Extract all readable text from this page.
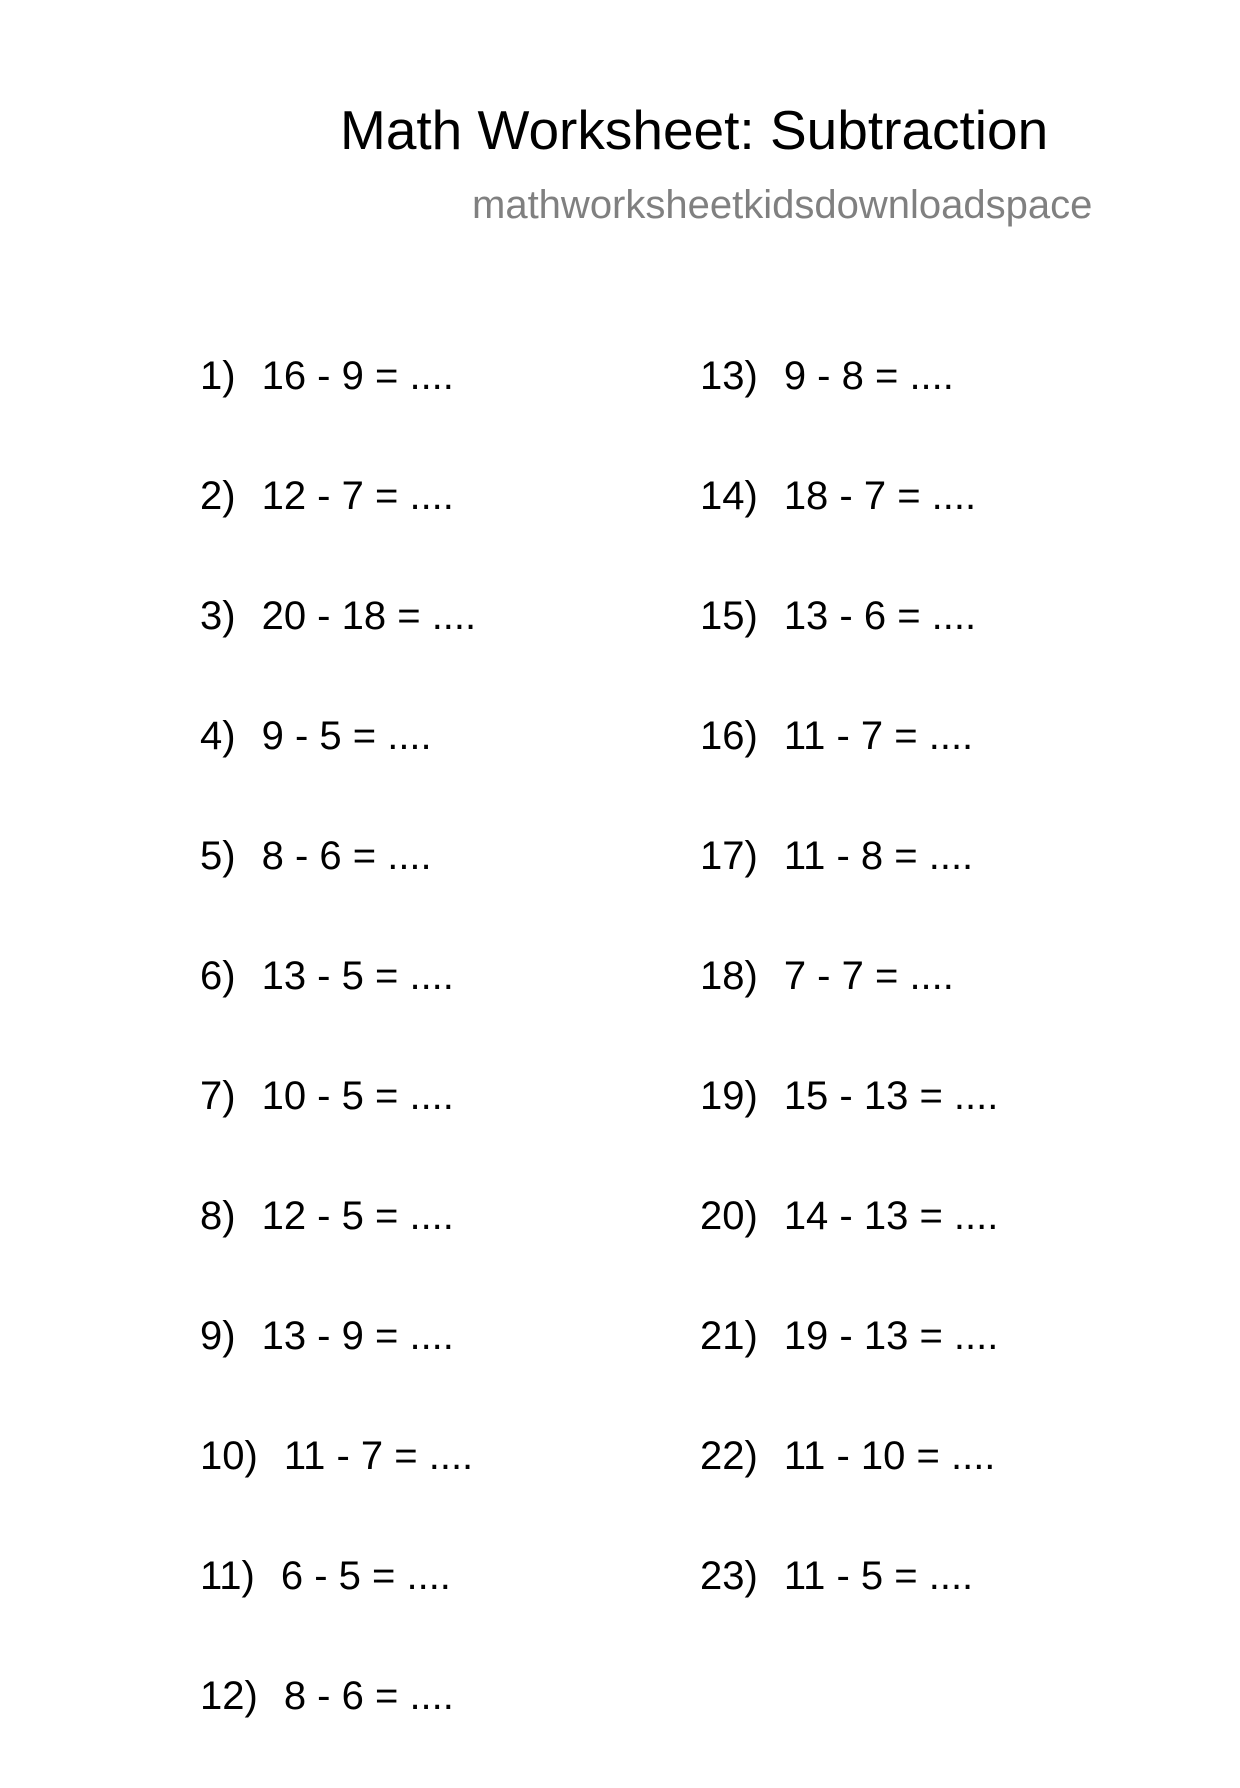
Math Worksheet: Subtraction
mathworksheetkidsdownloadspace
1) 16 - 9 = ....
2) 12 - 7 = ....
3) 20 - 18 = ....
4) 9 - 5 = ....
5) 8 - 6 = ....
6) 13 - 5 = ....
7) 10 - 5 = ....
8) 12 - 5 = ....
9) 13 - 9 = ....
10) 11 - 7 = ....
11) 6 - 5 = ....
12) 8 - 6 = ....
13) 9 - 8 = ....
14) 18 - 7 = ....
15) 13 - 6 = ....
16) 11 - 7 = ....
17) 11 - 8 = ....
18) 7 - 7 = ....
19) 15 - 13 = ....
20) 14 - 13 = ....
21) 19 - 13 = ....
22) 11 - 10 = ....
23) 11 - 5 = ....
